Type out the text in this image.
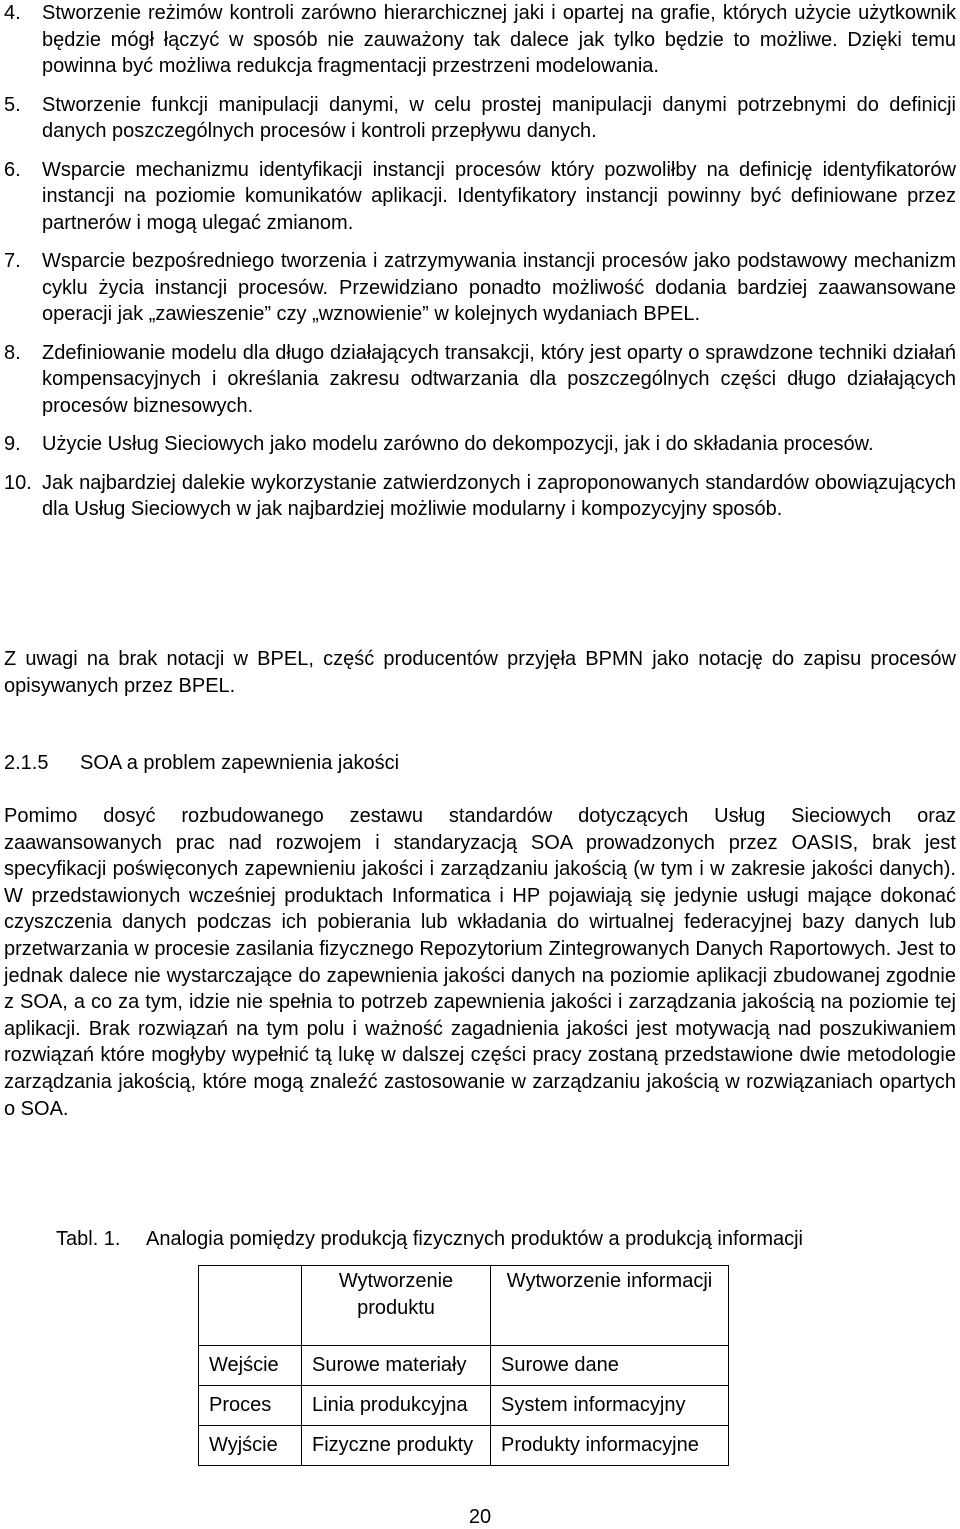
4. Stworzenie reżimów kontroli zarówno hierarchicznej jaki i opartej na grafie, których użycie użytkownik będzie mógł łączyć w sposób nie zauważony tak dalece jak tylko będzie to możliwe. Dzięki temu powinna być możliwa redukcja fragmentacji przestrzeni modelowania.
5. Stworzenie funkcji manipulacji danymi, w celu prostej manipulacji danymi potrzebnymi do definicji danych poszczególnych procesów i kontroli przepływu danych.
6. Wsparcie mechanizmu identyfikacji instancji procesów który pozwoliłby na definicję identyfikatorów instancji na poziomie komunikatów aplikacji. Identyfikatory instancji powinny być definiowane przez partnerów i mogą ulegać zmianom.
7. Wsparcie bezpośredniego tworzenia i zatrzymywania instancji procesów jako podstawowy mechanizm cyklu życia instancji procesów. Przewidziano ponadto możliwość dodania bardziej zaawansowane operacji jak „zawieszenie” czy „wznowienie” w kolejnych wydaniach BPEL.
8. Zdefiniowanie modelu dla długo działających transakcji, który jest oparty o sprawdzone techniki działań kompensacyjnych i określania zakresu odtwarzania dla poszczególnych części długo działających procesów biznesowych.
9. Użycie Usług Sieciowych jako modelu zarówno do dekompozycji, jak i do składania procesów.
10. Jak najbardziej dalekie wykorzystanie zatwierdzonych i zaproponowanych standardów obowiązujących dla Usług Sieciowych w jak najbardziej możliwie modularny i kompozycyjny sposób.

Z uwagi na brak notacji w BPEL, część producentów przyjęła BPMN jako notację do zapisu procesów opisywanych przez BPEL.

2.1.5 SOA a problem zapewnienia jakości

Pomimo dosyć rozbudowanego zestawu standardów dotyczących Usług Sieciowych oraz zaawansowanych prac nad rozwojem i standaryzacją SOA prowadzonych przez OASIS, brak jest specyfikacji poświęconych zapewnieniu jakości i zarządzaniu jakością (w tym i w zakresie jakości danych). W przedstawionych wcześniej produktach Informatica i HP pojawiają się jedynie usługi mające dokonać czyszczenia danych podczas ich pobierania lub wkładania do wirtualnej federacyjnej bazy danych lub przetwarzania w procesie zasilania fizycznego Repozytorium Zintegrowanych Danych Raportowych. Jest to jednak dalece nie wystarczające do zapewnienia jakości danych na poziomie aplikacji zbudowanej zgodnie z SOA, a co za tym, idzie nie spełnia to potrzeb zapewnienia jakości i zarządzania jakością na poziomie tej aplikacji. Brak rozwiązań na tym polu i ważność zagadnienia jakości jest motywacją nad poszukiwaniem rozwiązań które mogłyby wypełnić tą lukę w dalszej części pracy zostaną przedstawione dwie metodologie zarządzania jakością, które mogą znaleźć zastosowanie w zarządzaniu jakością w rozwiązaniach opartych o SOA.

Tabl. 1. Analogia pomiędzy produkcją fizycznych produktów a produkcją informacji
	Wytworzenie produktu	Wytworzenie informacji
Wejście	Surowe materiały	Surowe dane
Proces	Linia produkcyjna	System informacyjny
Wyjście	Fizyczne produkty	Produkty informacyjne
20
